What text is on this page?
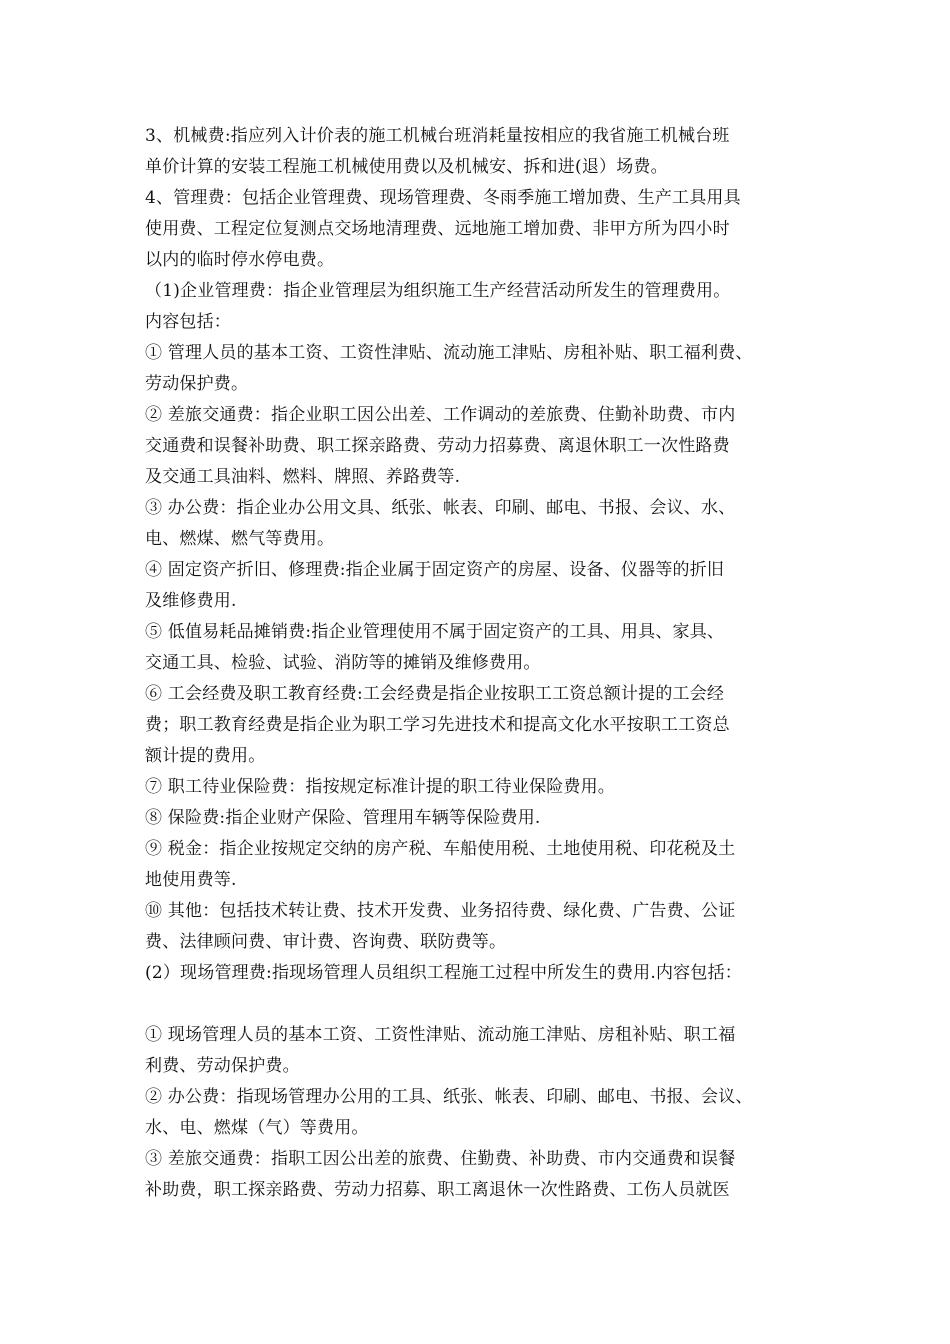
3、机械费:指应列入计价表的施工机械台班消耗量按相应的我省施工机械台班
单价计算的安装工程施工机械使用费以及机械安、拆和进(退）场费。
4、管理费：包括企业管理费、现场管理费、冬雨季施工增加费、生产工具用具
使用费、工程定位复测点交场地清理费、远地施工增加费、非甲方所为四小时
以内的临时停水停电费。
（1)企业管理费：指企业管理层为组织施工生产经营活动所发生的管理费用。
内容包括：
① 管理人员的基本工资、工资性津贴、流动施工津贴、房租补贴、职工福利费、
劳动保护费。
② 差旅交通费：指企业职工因公出差、工作调动的差旅费、住勤补助费、市内
交通费和误餐补助费、职工探亲路费、劳动力招募费、离退休职工一次性路费
及交通工具油料、燃料、牌照、养路费等.
③ 办公费：指企业办公用文具、纸张、帐表、印刷、邮电、书报、会议、水、
电、燃煤、燃气等费用。
④ 固定资产折旧、修理费:指企业属于固定资产的房屋、设备、仪器等的折旧
及维修费用.
⑤ 低值易耗品摊销费:指企业管理使用不属于固定资产的工具、用具、家具、
交通工具、检验、试验、消防等的摊销及维修费用。
⑥ 工会经费及职工教育经费:工会经费是指企业按职工工资总额计提的工会经
费；职工教育经费是指企业为职工学习先进技术和提高文化水平按职工工资总
额计提的费用。
⑦ 职工待业保险费：指按规定标准计提的职工待业保险费用。
⑧ 保险费:指企业财产保险、管理用车辆等保险费用.
⑨ 税金：指企业按规定交纳的房产税、车船使用税、土地使用税、印花税及土
地使用费等.
⑩ 其他：包括技术转让费、技术开发费、业务招待费、绿化费、广告费、公证
费、法律顾问费、审计费、咨询费、联防费等。
(2）现场管理费:指现场管理人员组织工程施工过程中所发生的费用.内容包括：
① 现场管理人员的基本工资、工资性津贴、流动施工津贴、房租补贴、职工福
利费、劳动保护费。
② 办公费：指现场管理办公用的工具、纸张、帐表、印刷、邮电、书报、会议、
水、电、燃煤（气）等费用。
③ 差旅交通费：指职工因公出差的旅费、住勤费、补助费、市内交通费和误餐
补助费，职工探亲路费、劳动力招募、职工离退休一次性路费、工伤人员就医
